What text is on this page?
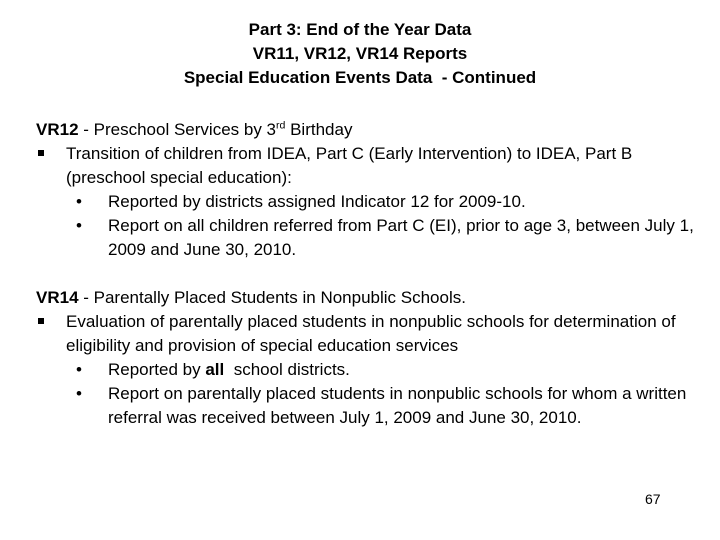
Part 3: End of the Year Data
VR11, VR12, VR14 Reports
Special Education Events Data  - Continued
VR12 - Preschool Services by 3rd Birthday
Transition of children from IDEA, Part C (Early Intervention) to IDEA, Part B (preschool special education):
• Reported by districts assigned Indicator 12 for 2009-10.
• Report on all children referred from Part C (EI), prior to age 3, between July 1, 2009 and June 30, 2010.
VR14 - Parentally Placed Students in Nonpublic Schools.
Evaluation of parentally placed students in nonpublic schools for determination of eligibility and provision of special education services
• Reported by all  school districts.
• Report on parentally placed students in nonpublic schools for whom a written referral was received between July 1, 2009 and June 30, 2010.
67
